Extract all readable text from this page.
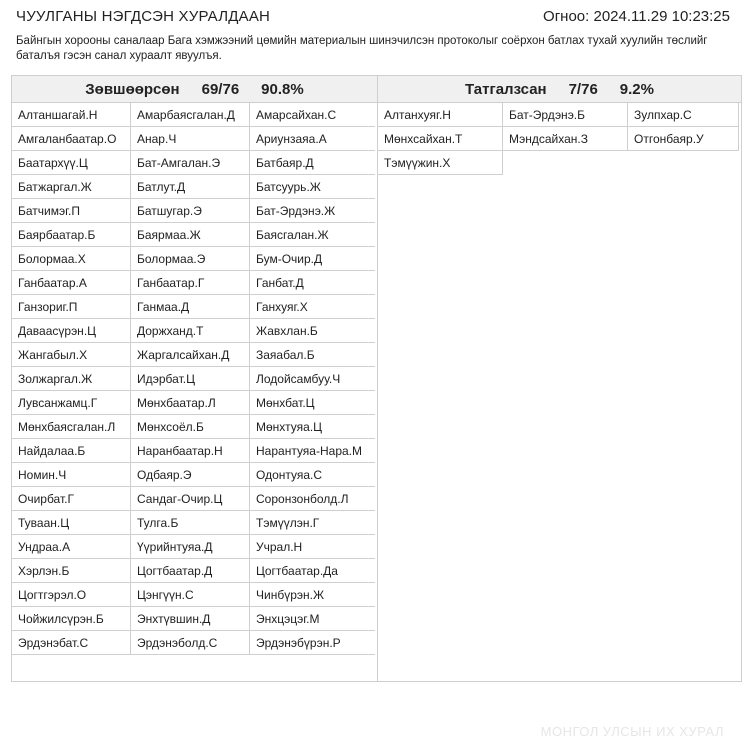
ЧУУЛГАНЫ НЭГДСЭН ХУРАЛДААН	Огноо: 2024.11.29 10:23:25
Байнгын хорооны саналаар Бага хэмжээний цөмийн материалын шинэчилсэн протоколыг соёрхон батлах тухай хуулийн төслийг баталъя гэсэн санал хураалт явуулъя.
Зөвшөөрсөн 69/76 90.8%
Алтаншагай.Н	Амарбаясгалан.Д	Амарсайхан.С
Амгаланбаатар.О	Анар.Ч	Ариунзаяа.А
Баатархүү.Ц	Бат-Амгалан.Э	Батбаяр.Д
Батжаргал.Ж	Батлут.Д	Батсуурь.Ж
Батчимэг.П	Батшугар.Э	Бат-Эрдэнэ.Ж
Баярбаатар.Б	Баярмаа.Ж	Баясгалан.Ж
Болормаа.Х	Болормаа.Э	Бум-Очир.Д
Ганбаатар.А	Ганбаатар.Г	Ганбат.Д
Ганзориг.П	Ганмаа.Д	Ганхуяг.Х
Даваасүрэн.Ц	Доржханд.Т	Жавхлан.Б
Жангабыл.Х	Жаргалсайхан.Д	Заяабал.Б
Золжаргал.Ж	Идэрбат.Ц	Лодойсамбуу.Ч
Лувсанжамц.Г	Мөнхбаатар.Л	Мөнхбат.Ц
Мөнхбаясгалан.Л	Мөнхсоёл.Б	Мөнхтуяа.Ц
Найдалаа.Б	Наранбаатар.Н	Нарантуяа-Нара.М
Номин.Ч	Одбаяр.Э	Одонтуяа.С
Очирбат.Г	Сандаг-Очир.Ц	Соронзонболд.Л
Туваан.Ц	Тулга.Б	Тэмүүлэн.Г
Ундраа.А	Үүрийнтуяа.Д	Учрал.Н
Хэрлэн.Б	Цогтбаатар.Д	Цогтбаатар.Да
Цогтгэрэл.О	Цэнгүүн.С	Чинбүрэн.Ж
Чойжилсүрэн.Б	Энхтүвшин.Д	Энхцэцэг.М
Эрдэнэбат.С	Эрдэнэболд.С	Эрдэнэбүрэн.Р
Татгалзсан 7/76 9.2%
Алтанхуяг.Н	Бат-Эрдэнэ.Б	Зулпхар.С
Мөнхсайхан.Т	Мэндсайхан.З	Отгонбаяр.У
Тэмүүжин.Х
МОНГОЛ УЛСЫН ИХ ХУРАЛ
